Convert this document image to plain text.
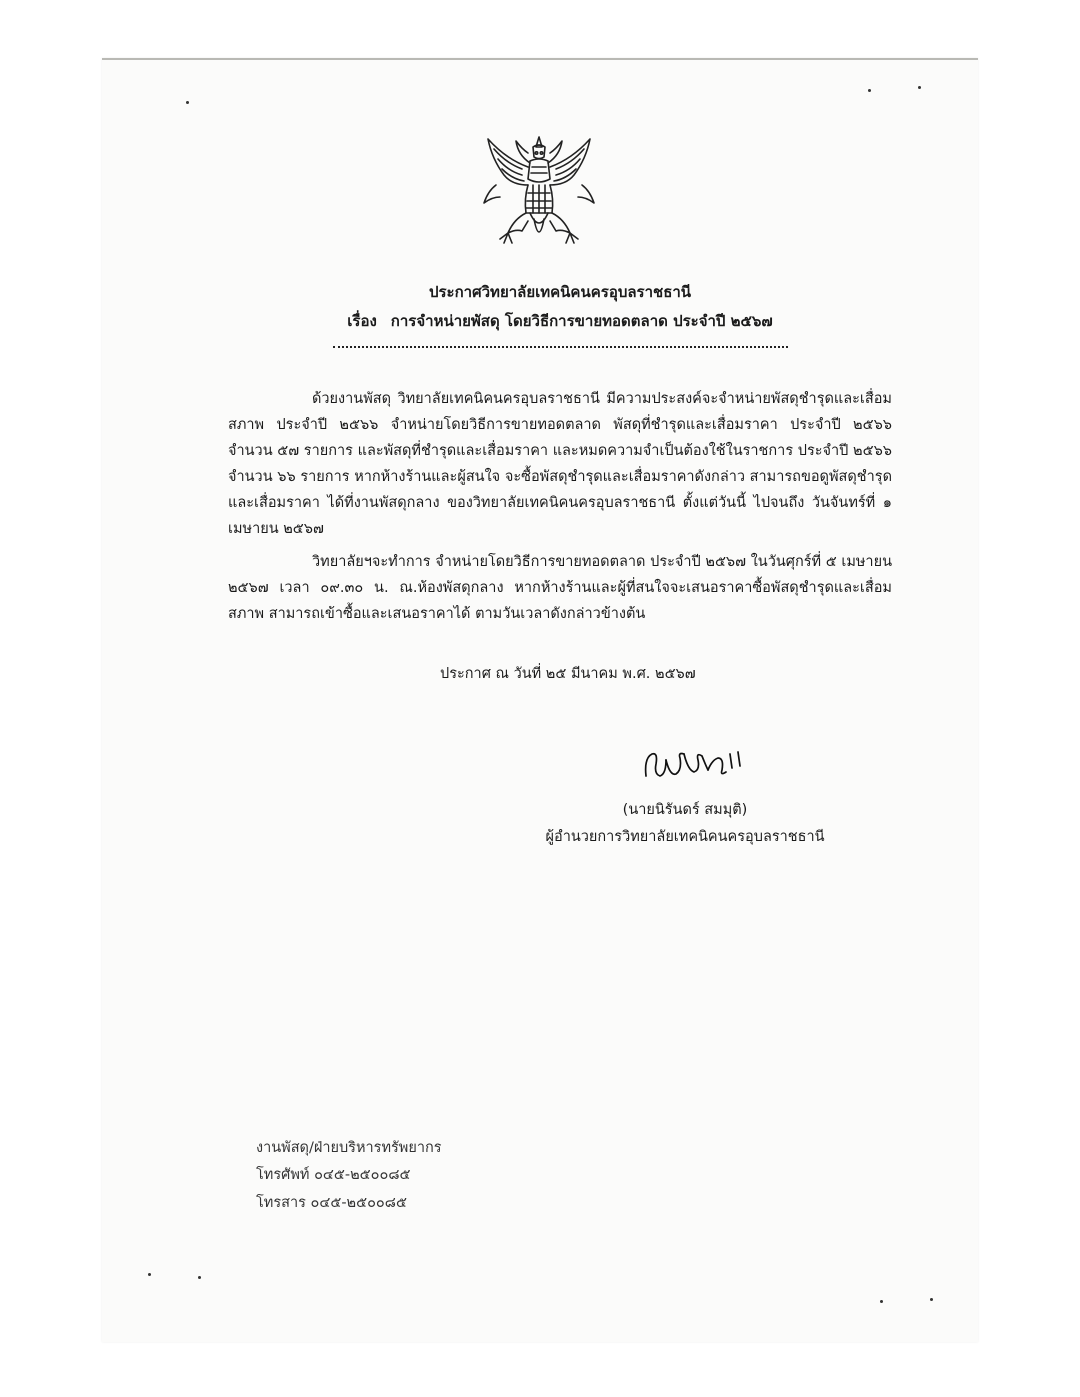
ประกาศวิทยาลัยเทคนิคนครอุบลราชธานี
เรื่อง การจำหน่ายพัสดุ โดยวิธีการขายทอดตลาด ประจำปี ๒๕๖๗
ด้วยงานพัสดุ วิทยาลัยเทคนิคนครอุบลราชธานี มีความประสงค์จะจำหน่ายพัสดุชำรุดและเสื่อมสภาพ ประจำปี ๒๕๖๖ จำหน่ายโดยวิธีการขายทอดตลาด พัสดุที่ชำรุดและเสื่อมราคา ประจำปี ๒๕๖๖ จำนวน ๕๗ รายการ และพัสดุที่ชำรุดและเสื่อมราคา และหมดความจำเป็นต้องใช้ในราชการ ประจำปี ๒๕๖๖ จำนวน ๖๖ รายการ หากห้างร้านและผู้สนใจ จะซื้อพัสดุชำรุดและเสื่อมราคาดังกล่าว สามารถขอดูพัสดุชำรุดและเสื่อมราคา ได้ที่งานพัสดุกลาง ของวิทยาลัยเทคนิคนครอุบลราชธานี ตั้งแต่วันนี้ ไปจนถึง วันจันทร์ที่ ๑ เมษายน ๒๕๖๗
วิทยาลัยฯจะทำการ จำหน่ายโดยวิธีการขายทอดตลาด ประจำปี ๒๕๖๗ ในวันศุกร์ที่ ๕ เมษายน ๒๕๖๗ เวลา ๐๙.๓๐ น. ณ.ห้องพัสดุกลาง หากห้างร้านและผู้ที่สนใจจะเสนอราคาซื้อพัสดุชำรุดและเสื่อมสภาพ สามารถเข้าซื้อและเสนอราคาได้ ตามวันเวลาดังกล่าวข้างต้น
ประกาศ ณ วันที่ ๒๕ มีนาคม พ.ศ. ๒๕๖๗
(นายนิรันดร์ สมมุติ)
ผู้อำนวยการวิทยาลัยเทคนิคนครอุบลราชธานี
งานพัสดุ/ฝ่ายบริหารทรัพยากร
โทรศัพท์ ๐๔๕-๒๕๐๐๘๕
โทรสาร ๐๔๕-๒๕๐๐๘๕
